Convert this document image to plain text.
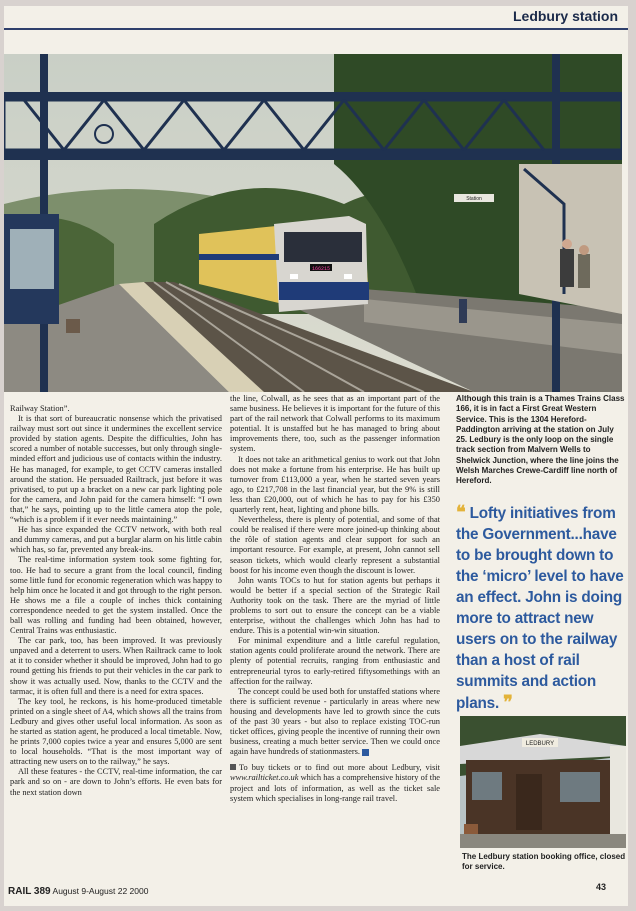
Ledbury station
166215
Station

Railway Station”.

It is that sort of bureaucratic nonsense which the privatised railway must sort out since it undermines the excellent service provided by station agents. Despite the difficulties, John has scored a number of notable successes, but only through single-minded effort and judicious use of contacts within the industry. He has managed, for example, to get CCTV cameras installed around the station. He persuaded Railtrack, just before it was privatised, to put up a bracket on a new car park lighting pole for the camera, and John paid for the camera himself: “I own that,” he says, pointing up to the little camera atop the pole, “which is a problem if it ever needs maintaining.”

He has since expanded the CCTV network, with both real and dummy cameras, and put a burglar alarm on his little cabin which has, so far, prevented any break-ins.

The real-time information system took some fighting for, too. He had to secure a grant from the local council, finding some little fund for economic regeneration which was happy to help him once he located it and got through to the right person. He shows me a file a couple of inches thick containing correspondence needed to get the system installed. Once the ball was rolling and funding had been obtained, however, Central Trains was enthusiastic.

The car park, too, has been improved. It was previously unpaved and a deterrent to users. When Railtrack came to look at it to consider whether it should be improved, John had to go round getting his friends to put their vehicles in the car park to show it was actually used. Now, thanks to the CCTV and the tarmac, it is often full and there is a need for extra spaces.

The key tool, he reckons, is his home-produced timetable printed on a single sheet of A4, which shows all the trains from Ledbury and gives other useful local information. As soon as he started as station agent, he produced a local timetable. Now, he prints 7,000 copies twice a year and ensures 5,000 are sent to local households. “That is the most important way of attracting new users on to the railway,” he says.

All these features - the CCTV, real-time information, the car park and so on - are down to John’s efforts. He even bats for the next station down

the line, Colwall, as he sees that as an important part of the same business. He believes it is important for the future of this part of the rail network that Colwall performs to its maximum potential. It is unstaffed but he has managed to bring about improvements there, too, such as the passenger information system.

It does not take an arithmetical genius to work out that John does not make a fortune from his enterprise. He has built up turnover from £113,000 a year, when he started seven years ago, to £217,708 in the last financial year, but the 9% is still less than £20,000, out of which he has to pay for his £350 quarterly rent, heat, lighting and phone bills.

Nevertheless, there is plenty of potential, and some of that could be realised if there were more joined-up thinking about the rôle of station agents and clear support for such an important resource. For example, at present, John cannot sell season tickets, which would clearly represent a substantial boost for his income even though the discount is lower.

John wants TOCs to hut for station agents but perhaps it would be better if a special section of the Strategic Rail Authority took on the task. There are the myriad of little problems to sort out to ensure the concept can be a viable enterprise, without the challenges which John has had to endure. This is a potential win-win situation.

For minimal expenditure and a little careful regulation, station agents could proliferate around the network. There are plenty of potential recruits, ranging from enthusiastic and entrepreneurial tyros to early-retired fiftysomethings with an affection for the railway.

The concept could be used both for unstaffed stations where there is sufficient revenue - particularly in areas where new housing and developments have led to growth since the cuts of the past 30 years - but also to replace existing TOC-run ticket offices, giving people the incentive of running their own business, creating a much better service. Then we could once again have hundreds of stationmasters.

To buy tickets or to find out more about Ledbury, visit www.railticket.co.uk which has a comprehensive history of the project and lots of information, as well as the ticket sale system which specialises in long-range rail travel.

Although this train is a Thames Trains Class 166, it is in fact a First Great Western Service. This is the 1304 Hereford-Paddington arriving at the station on July 25. Ledbury is the only loop on the single track section from Malvern Wells to Shelwick Junction, where the line joins the Welsh Marches Crewe-Cardiff line north of Hereford.
❝ Lofty initiatives from the Government...have to be brought down to the ‘micro’ level to have an effect. John is doing more to attract new users on to the railway than a host of rail summits and action plans. ❞
LEDBURY
The Ledbury station booking office, closed for service.
RAIL 389 August 9-August 22 2000	43
